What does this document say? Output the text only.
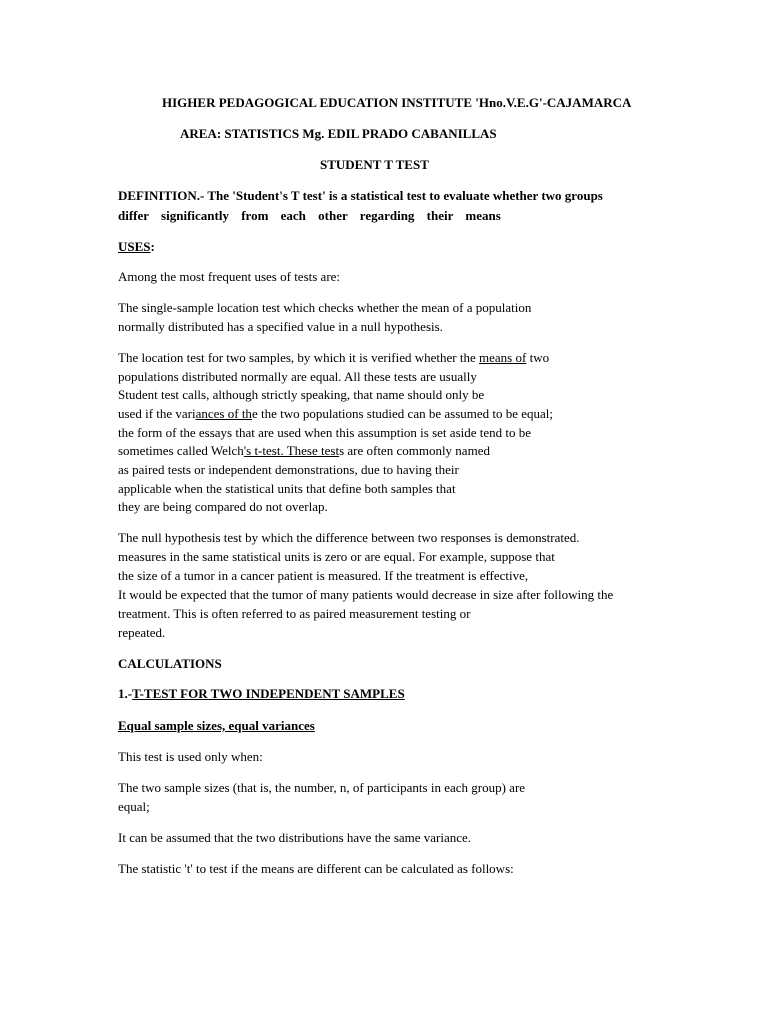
HIGHER PEDAGOGICAL EDUCATION INSTITUTE 'Hno.V.E.G'-CAJAMARCA
AREA: STATISTICS Mg. EDIL PRADO CABANILLAS
STUDENT T TEST
DEFINITION.- The 'Student's T test' is a statistical test to evaluate whether two groups
differ significantly from each other regarding their means
USES:
Among the most frequent uses of tests are:
The single-sample location test which checks whether the mean of a population
normally distributed has a specified value in a null hypothesis.
The location test for two samples, by which it is verified whether the means of two
populations distributed normally are equal. All these tests are usually
Student test calls, although strictly speaking, that name should only be
used if the variances of the the two populations studied can be assumed to be equal;
the form of the essays that are used when this assumption is set aside tend to be
sometimes called Welch's t-test. These tests are often commonly named
as paired tests or independent demonstrations, due to having their
applicable when the statistical units that define both samples that
they are being compared do not overlap.
The null hypothesis test by which the difference between two responses is demonstrated.
measures in the same statistical units is zero or are equal. For example, suppose that
the size of a tumor in a cancer patient is measured. If the treatment is effective,
It would be expected that the tumor of many patients would decrease in size after following the
treatment. This is often referred to as paired measurement testing or
repeated.
CALCULATIONS
1.-T-TEST FOR TWO INDEPENDENT SAMPLES
Equal sample sizes, equal variances
This test is used only when:
The two sample sizes (that is, the number, n, of participants in each group) are
equal;
It can be assumed that the two distributions have the same variance.
The statistic 't' to test if the means are different can be calculated as follows:
